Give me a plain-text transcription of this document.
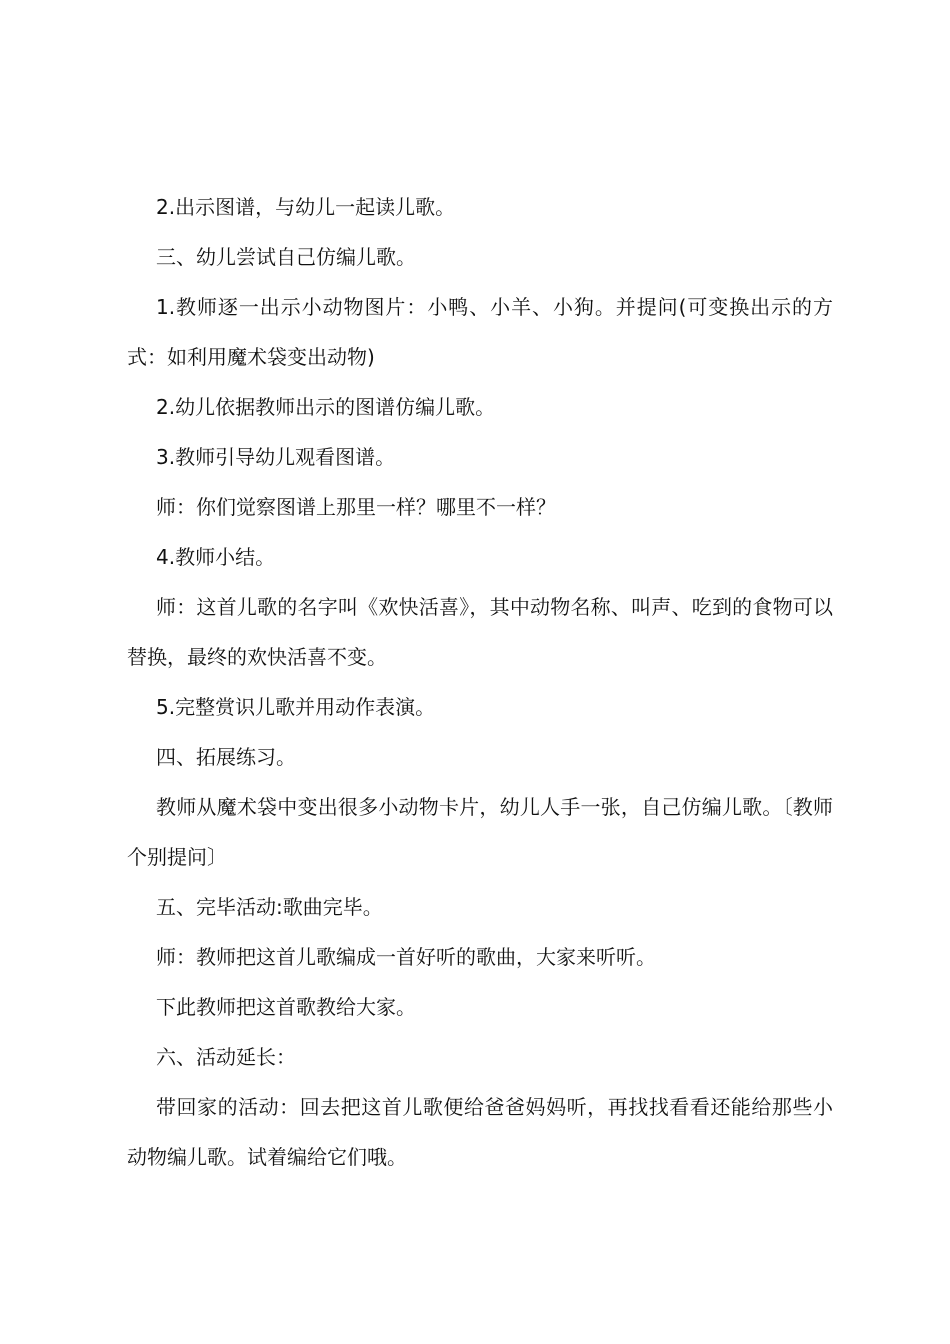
2.出示图谱，与幼儿一起读儿歌。

三、幼儿尝试自己仿编儿歌。

1.教师逐一出示小动物图片：小鸭、小羊、小狗。并提问(可变换出示的方式：如利用魔术袋变出动物)

2.幼儿依据教师出示的图谱仿编儿歌。

3.教师引导幼儿观看图谱。

师：你们觉察图谱上那里一样？哪里不一样？

4.教师小结。

师：这首儿歌的名字叫《欢快活喜》，其中动物名称、叫声、吃到的食物可以替换，最终的欢快活喜不变。

5.完整赏识儿歌并用动作表演。

四、拓展练习。

教师从魔术袋中变出很多小动物卡片，幼儿人手一张，自己仿编儿歌。〔教师个别提问〕

五、完毕活动:歌曲完毕。

师：教师把这首儿歌编成一首好听的歌曲，大家来听听。

下此教师把这首歌教给大家。

六、活动延长：

带回家的活动：回去把这首儿歌便给爸爸妈妈听，再找找看看还能给那些小动物编儿歌。试着编给它们哦。
